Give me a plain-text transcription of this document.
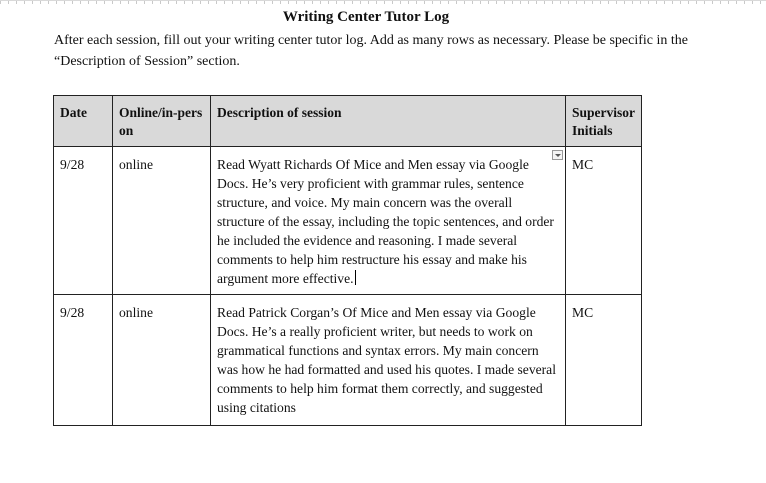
Writing Center Tutor Log
After each session, fill out your writing center tutor log. Add as many rows as necessary. Please be specific in the “Description of Session” section.
Date	Online/in-person	Description of session	Supervisor Initials
9/28	online	Read Wyatt Richards Of Mice and Men essay via Google Docs. He’s very proficient with grammar rules, sentence structure, and voice. My main concern was the overall structure of the essay, including the topic sentences, and order he included the evidence and reasoning. I made several comments to help him restructure his essay and make his argument more effective.	MC
9/28	online	Read Patrick Corgan’s Of Mice and Men essay via Google Docs. He’s a really proficient writer, but needs to work on grammatical functions and syntax errors. My main concern was how he had formatted and used his quotes. I made several comments to help him format them correctly, and suggested using citations	MC
